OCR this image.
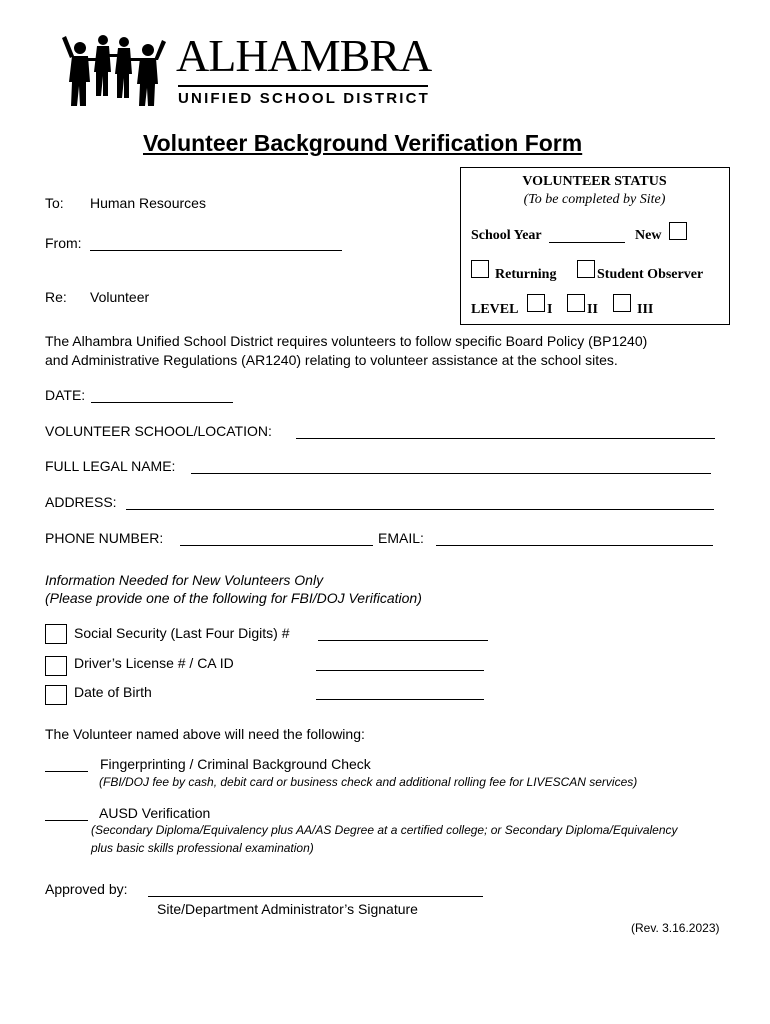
ALHAMBRA
UNIFIED SCHOOL DISTRICT
Volunteer Background Verification Form
To: Human Resources
From:
Re: Volunteer
VOLUNTEER STATUS
(To be completed by Site)
School Year	New
Returning	Student Observer
LEVEL I II	III
The Alhambra Unified School District requires volunteers to follow specific Board Policy (BP1240)
and Administrative Regulations (AR1240) relating to volunteer assistance at the school sites.
DATE:
VOLUNTEER SCHOOL/LOCATION:
FULL LEGAL NAME:
ADDRESS:
PHONE NUMBER:	EMAIL:
Information Needed for New Volunteers Only
(Please provide one of the following for FBI/DOJ Verification)
Social Security (Last Four Digits) #
Driver’s License # / CA ID
Date of Birth
The Volunteer named above will need the following:
Fingerprinting / Criminal Background Check
(FBI/DOJ fee by cash, debit card or business check and additional rolling fee for LIVESCAN services)
AUSD Verification
(Secondary Diploma/Equivalency plus AA/AS Degree at a certified college; or Secondary Diploma/Equivalency
plus basic skills professional examination)
Approved by:
Site/Department Administrator’s Signature
(Rev. 3.16.2023)
